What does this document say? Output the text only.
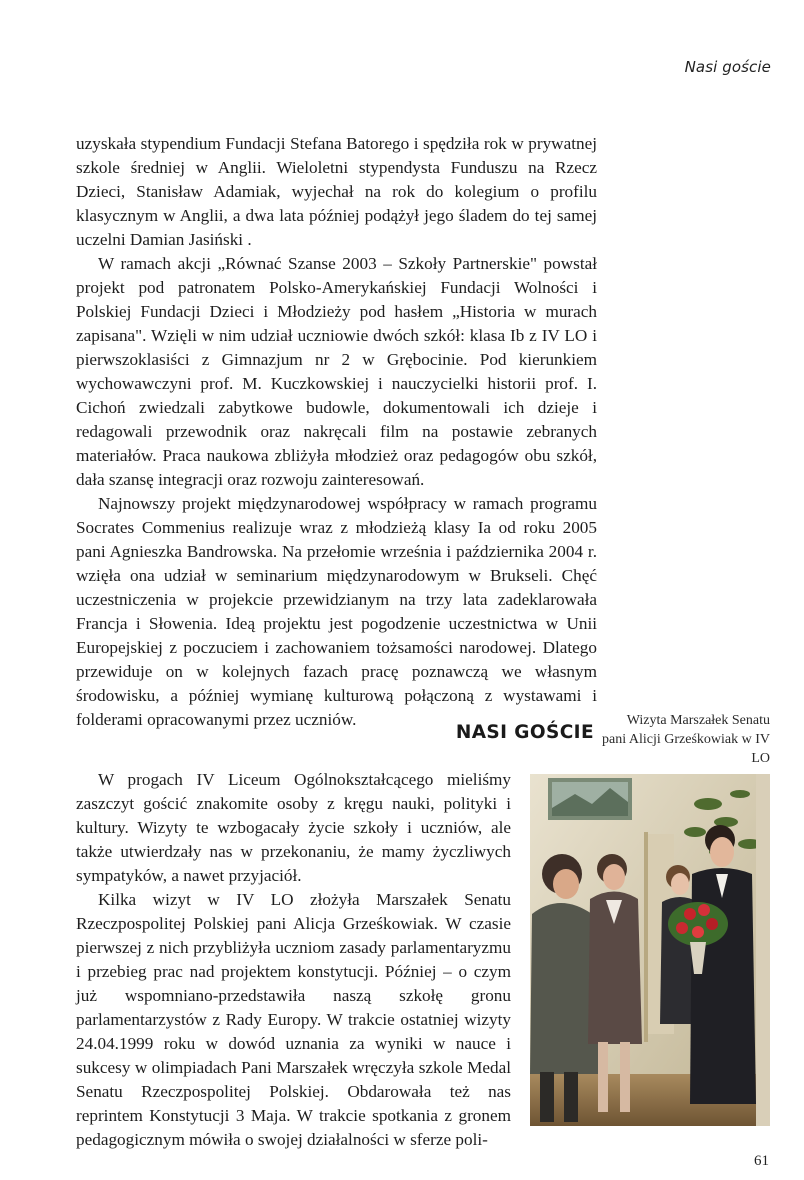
Nasi goście

uzyskała stypendium Fundacji Stefana Batorego i spędziła rok w prywatnej szkole średniej w Anglii. Wieloletni stypendysta Funduszu na Rzecz Dzieci, Stanisław Adamiak, wyjechał na rok do kolegium o profilu klasycznym w Anglii, a dwa lata później podążył jego śladem do tej samej uczelni Damian Jasiński .

W ramach akcji „Równać Szanse 2003 – Szkoły Partnerskie" powstał projekt pod patronatem Polsko-Amerykańskiej Fundacji Wolności i Polskiej Fundacji Dzieci i Młodzieży pod hasłem „Historia w murach zapisana". Wzięli w nim udział uczniowie dwóch szkół: klasa Ib z IV LO i pierwszoklasiści z Gimnazjum nr 2 w Grębocinie. Pod kierunkiem wychowawczyni prof. M. Kuczkowskiej i nauczycielki historii prof. I. Cichoń zwiedzali zabytkowe budowle, dokumentowali ich dzieje i redagowali przewodnik oraz nakręcali film na postawie zebranych materiałów. Praca naukowa zbliżyła młodzież oraz pedagogów obu szkół, dała szansę integracji oraz rozwoju zainteresowań.

Najnowszy projekt międzynarodowej współpracy w ramach programu Socrates Commenius realizuje wraz z młodzieżą klasy Ia od roku 2005 pani Agnieszka Bandrowska. Na przełomie września i października 2004 r. wzięła ona udział w seminarium międzynarodowym w Brukseli. Chęć uczestniczenia w projekcie przewidzianym na trzy lata zadeklarowała Francja i Słowenia. Ideą projektu jest pogodzenie uczestnictwa w Unii Europejskiej z poczuciem i zachowaniem tożsamości narodowej. Dlatego przewiduje on w kolejnych fazach pracę poznawczą we własnym środowisku, a później wymianę kulturową połączoną z wystawami i folderami opracowanymi przez uczniów.

NASI GOŚCIE

W progach IV Liceum Ogólnokształcącego mieliśmy zaszczyt gościć znakomite osoby z kręgu nauki, polityki i kultury. Wizyty te wzbogacały życie szkoły i uczniów, ale także utwierdzały nas w przekonaniu, że mamy życzliwych sympatyków, a nawet przyjaciół.

Kilka wizyt w IV LO złożyła Marszałek Senatu Rzeczpospolitej Polskiej pani Alicja Grześkowiak. W czasie pierwszej z nich przybliżyła uczniom zasady parlamentaryzmu i przebieg prac nad projektem konstytucji. Później – o czym już wspomniano-przedstawiła naszą szkołę gronu parlamentarzystów z Rady Europy. W trakcie ostatniej wizyty 24.04.1999 roku w dowód uznania za wyniki w nauce i sukcesy w olimpiadach Pani Marszałek wręczyła szkole Medal Senatu Rzeczpospolitej Polskiej. Obdarowała też nas reprintem Konstytucji 3 Maja. W trakcie spotkania z gronem pedagogicznym mówiła o swojej działalności w sferze poli-

Wizyta Marszałek Senatu pani Alicji Grześkowiak w IV LO
61
